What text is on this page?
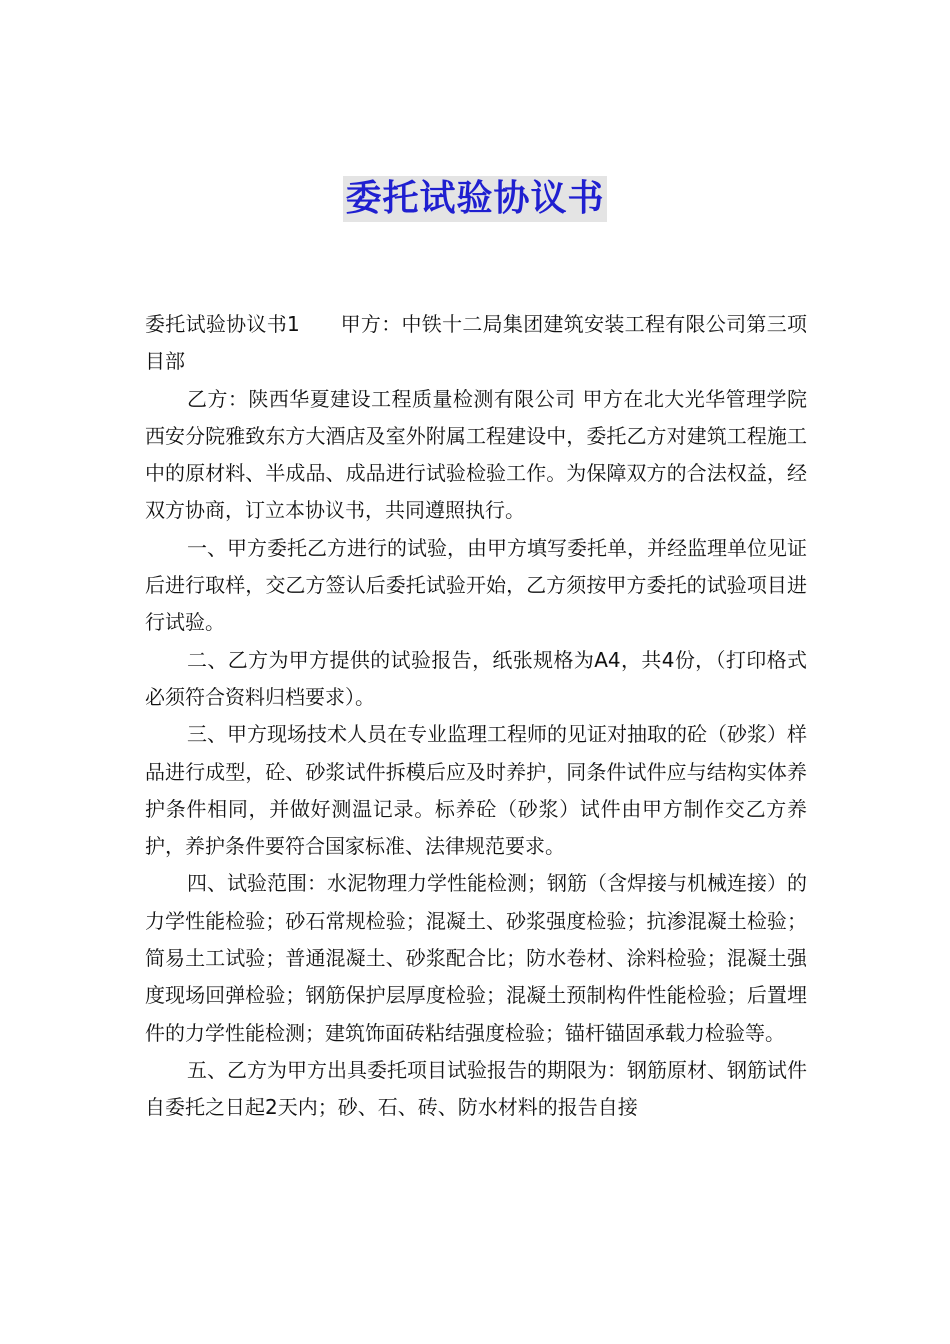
委托试验协议书

委托试验协议书1　　甲方：中铁十二局集团建筑安装工程有限公司第三项目部

乙方：陕西华夏建设工程质量检测有限公司 甲方在北大光华管理学院西安分院雅致东方大酒店及室外附属工程建设中，委托乙方对建筑工程施工中的原材料、半成品、成品进行试验检验工作。为保障双方的合法权益，经双方协商，订立本协议书，共同遵照执行。

一、甲方委托乙方进行的试验，由甲方填写委托单，并经监理单位见证后进行取样，交乙方签认后委托试验开始，乙方须按甲方委托的试验项目进行试验。

二、乙方为甲方提供的试验报告，纸张规格为A4，共4份，（打印格式必须符合资料归档要求）。

三、甲方现场技术人员在专业监理工程师的见证对抽取的砼（砂浆）样品进行成型，砼、砂浆试件拆模后应及时养护，同条件试件应与结构实体养护条件相同，并做好测温记录。标养砼（砂浆）试件由甲方制作交乙方养护，养护条件要符合国家标准、法律规范要求。

四、试验范围：水泥物理力学性能检测；钢筋（含焊接与机械连接）的力学性能检验；砂石常规检验；混凝土、砂浆强度检验；抗渗混凝土检验；简易土工试验；普通混凝土、砂浆配合比；防水卷材、涂料检验；混凝土强度现场回弹检验；钢筋保护层厚度检验；混凝土预制构件性能检验；后置埋件的力学性能检测；建筑饰面砖粘结强度检验；锚杆锚固承载力检验等。

五、乙方为甲方出具委托项目试验报告的期限为：钢筋原材、钢筋试件自委托之日起2天内；砂、石、砖、防水材料的报告自接
